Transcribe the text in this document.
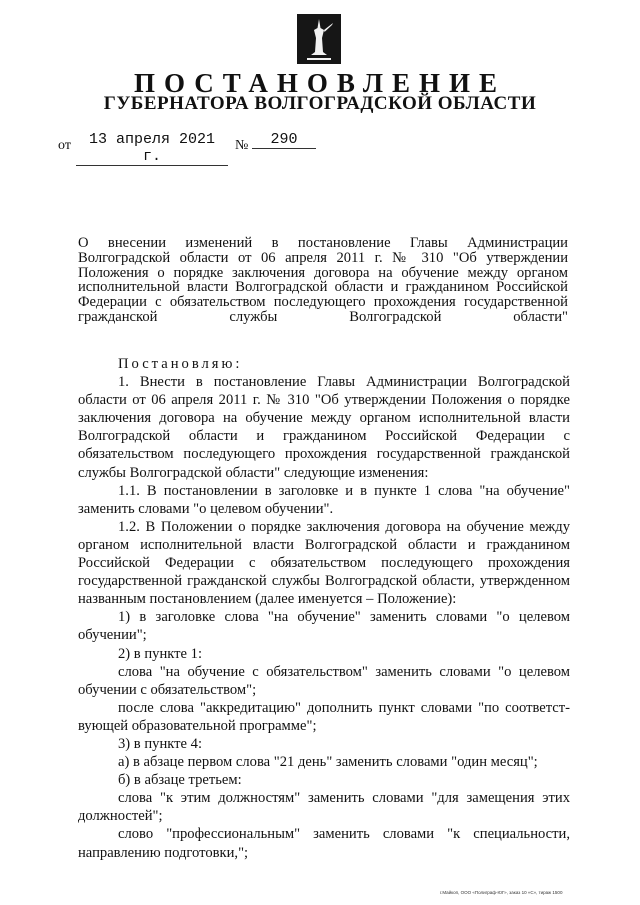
ПОСТАНОВЛЕНИЕ
ГУБЕРНАТОРА ВОЛГОГРАДСКОЙ ОБЛАСТИ
от	13 апреля 2021 г.
№	290
О внесении изменений в постановление Главы Администрации Волгоградской области от 06 апреля 2011 г. № 310 "Об утверждении Положения о порядке заключения договора на обучение между органом исполнительной власти Волгоградской области и гражданином Российской Федерации с обязательством последующего прохождения государственной гражданской службы Волгоградской области"

Постановляю:

1. Внести в постановление Главы Администрации Волгоградской области от 06 апреля 2011 г. № 310 "Об утверждении Положения о порядке заключения договора на обучение между органом исполнительной власти Волгоградской области и гражданином Российской Федерации с обязательством последующего прохождения государственной гражданской службы Волгоградской области" следующие изменения:

1.1. В постановлении в заголовке и в пункте 1 слова "на обучение" заменить словами "о целевом обучении".

1.2. В Положении о порядке заключения договора на обучение между органом исполнительной власти Волгоградской области и гражданином Российской Федерации с обязательством последующего прохождения государственной гражданской службы Волгоградской области, утвержденном названным постановлением (далее именуется – Положение):

1) в заголовке слова "на обучение" заменить словами "о целевом обучении";

2) в пункте 1:

слова "на обучение с обязательством" заменить словами "о целевом обучении с обязательством";

после слова "аккредитацию" дополнить пункт словами "по соответст-вующей образовательной программе";

3) в пункте 4:

а) в абзаце первом слова "21 день" заменить словами "один месяц";

б) в абзаце третьем:

слова "к этим должностям" заменить словами "для замещения этих должностей";

слово "профессиональным" заменить словами "к специальности, направлению подготовки,";

г.Майкоп, ООО «Полиграф-ЮГ», заказ 10 «С», тираж 1500
